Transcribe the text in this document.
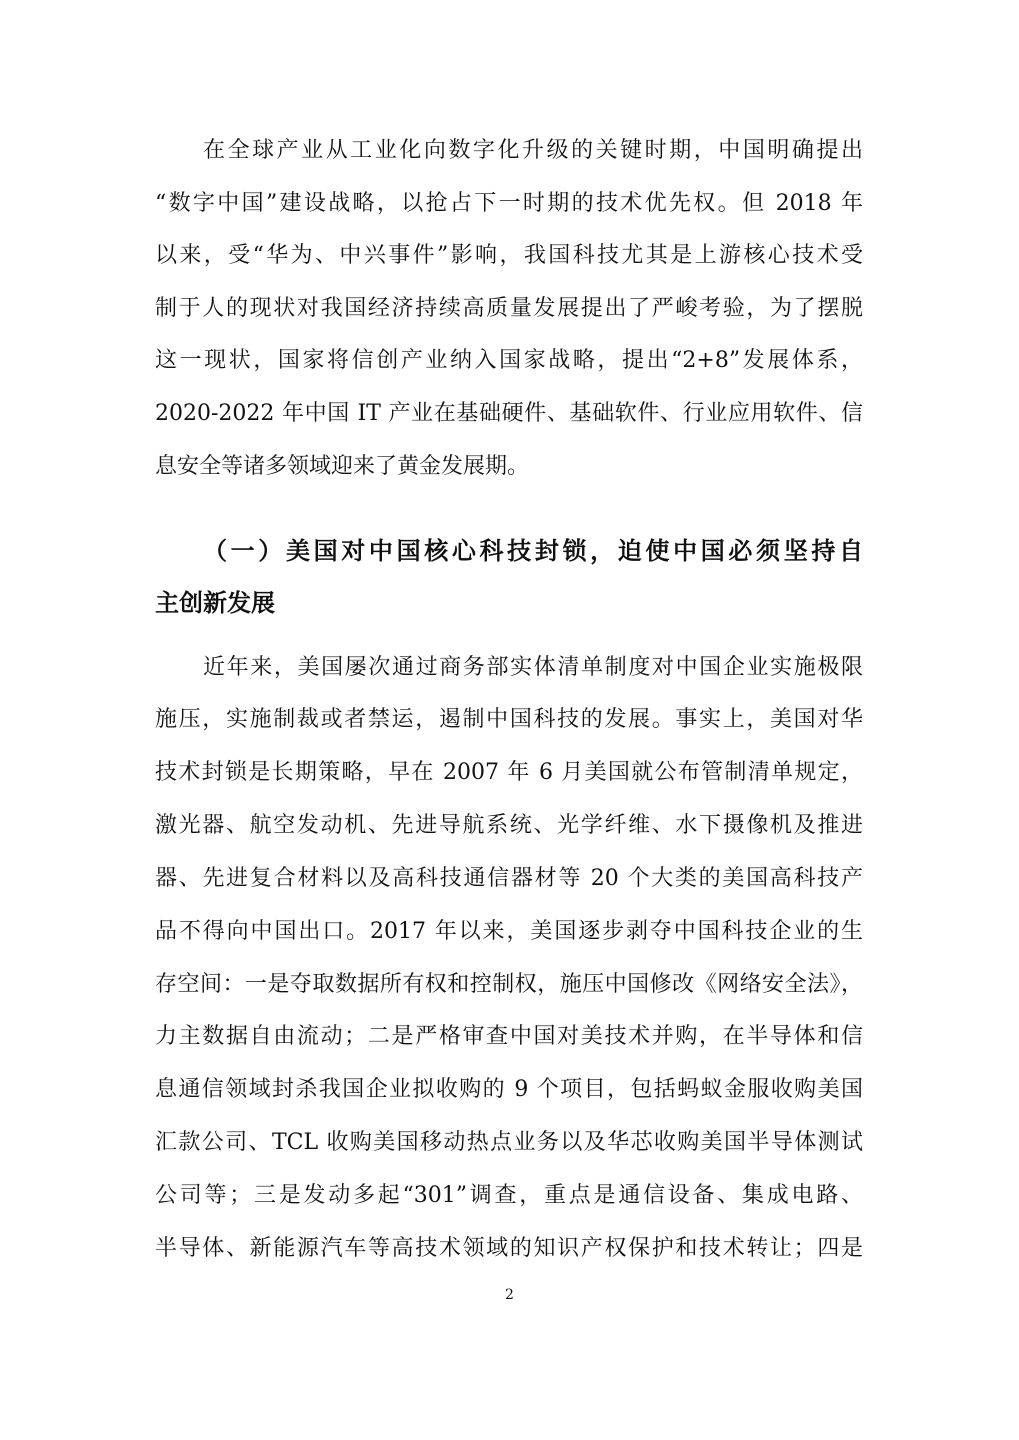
在全球产业从工业化向数字化升级的关键时期，中国明确提出
“数字中国”建设战略，以抢占下一时期的技术优先权。但 2018 年
以来，受“华为、中兴事件”影响，我国科技尤其是上游核心技术受
制于人的现状对我国经济持续高质量发展提出了严峻考验，为了摆脱
这一现状，国家将信创产业纳入国家战略，提出“2+8”发展体系，
2020-2022 年中国 IT 产业在基础硬件、基础软件、行业应用软件、信
息安全等诸多领域迎来了黄金发展期。
（一）美国对中国核心科技封锁，迫使中国必须坚持自
主创新发展
近年来，美国屡次通过商务部实体清单制度对中国企业实施极限
施压，实施制裁或者禁运，遏制中国科技的发展。事实上，美国对华
技术封锁是长期策略，早在 2007 年 6 月美国就公布管制清单规定，
激光器、航空发动机、先进导航系统、光学纤维、水下摄像机及推进
器、先进复合材料以及高科技通信器材等 20 个大类的美国高科技产
品不得向中国出口。2017 年以来，美国逐步剥夺中国科技企业的生
存空间：一是夺取数据所有权和控制权，施压中国修改《网络安全法》，
力主数据自由流动；二是严格审查中国对美技术并购，在半导体和信
息通信领域封杀我国企业拟收购的 9 个项目，包括蚂蚁金服收购美国
汇款公司、TCL 收购美国移动热点业务以及华芯收购美国半导体测试
公司等；三是发动多起“301”调查，重点是通信设备、集成电路、
半导体、新能源汽车等高技术领域的知识产权保护和技术转让；四是
2
